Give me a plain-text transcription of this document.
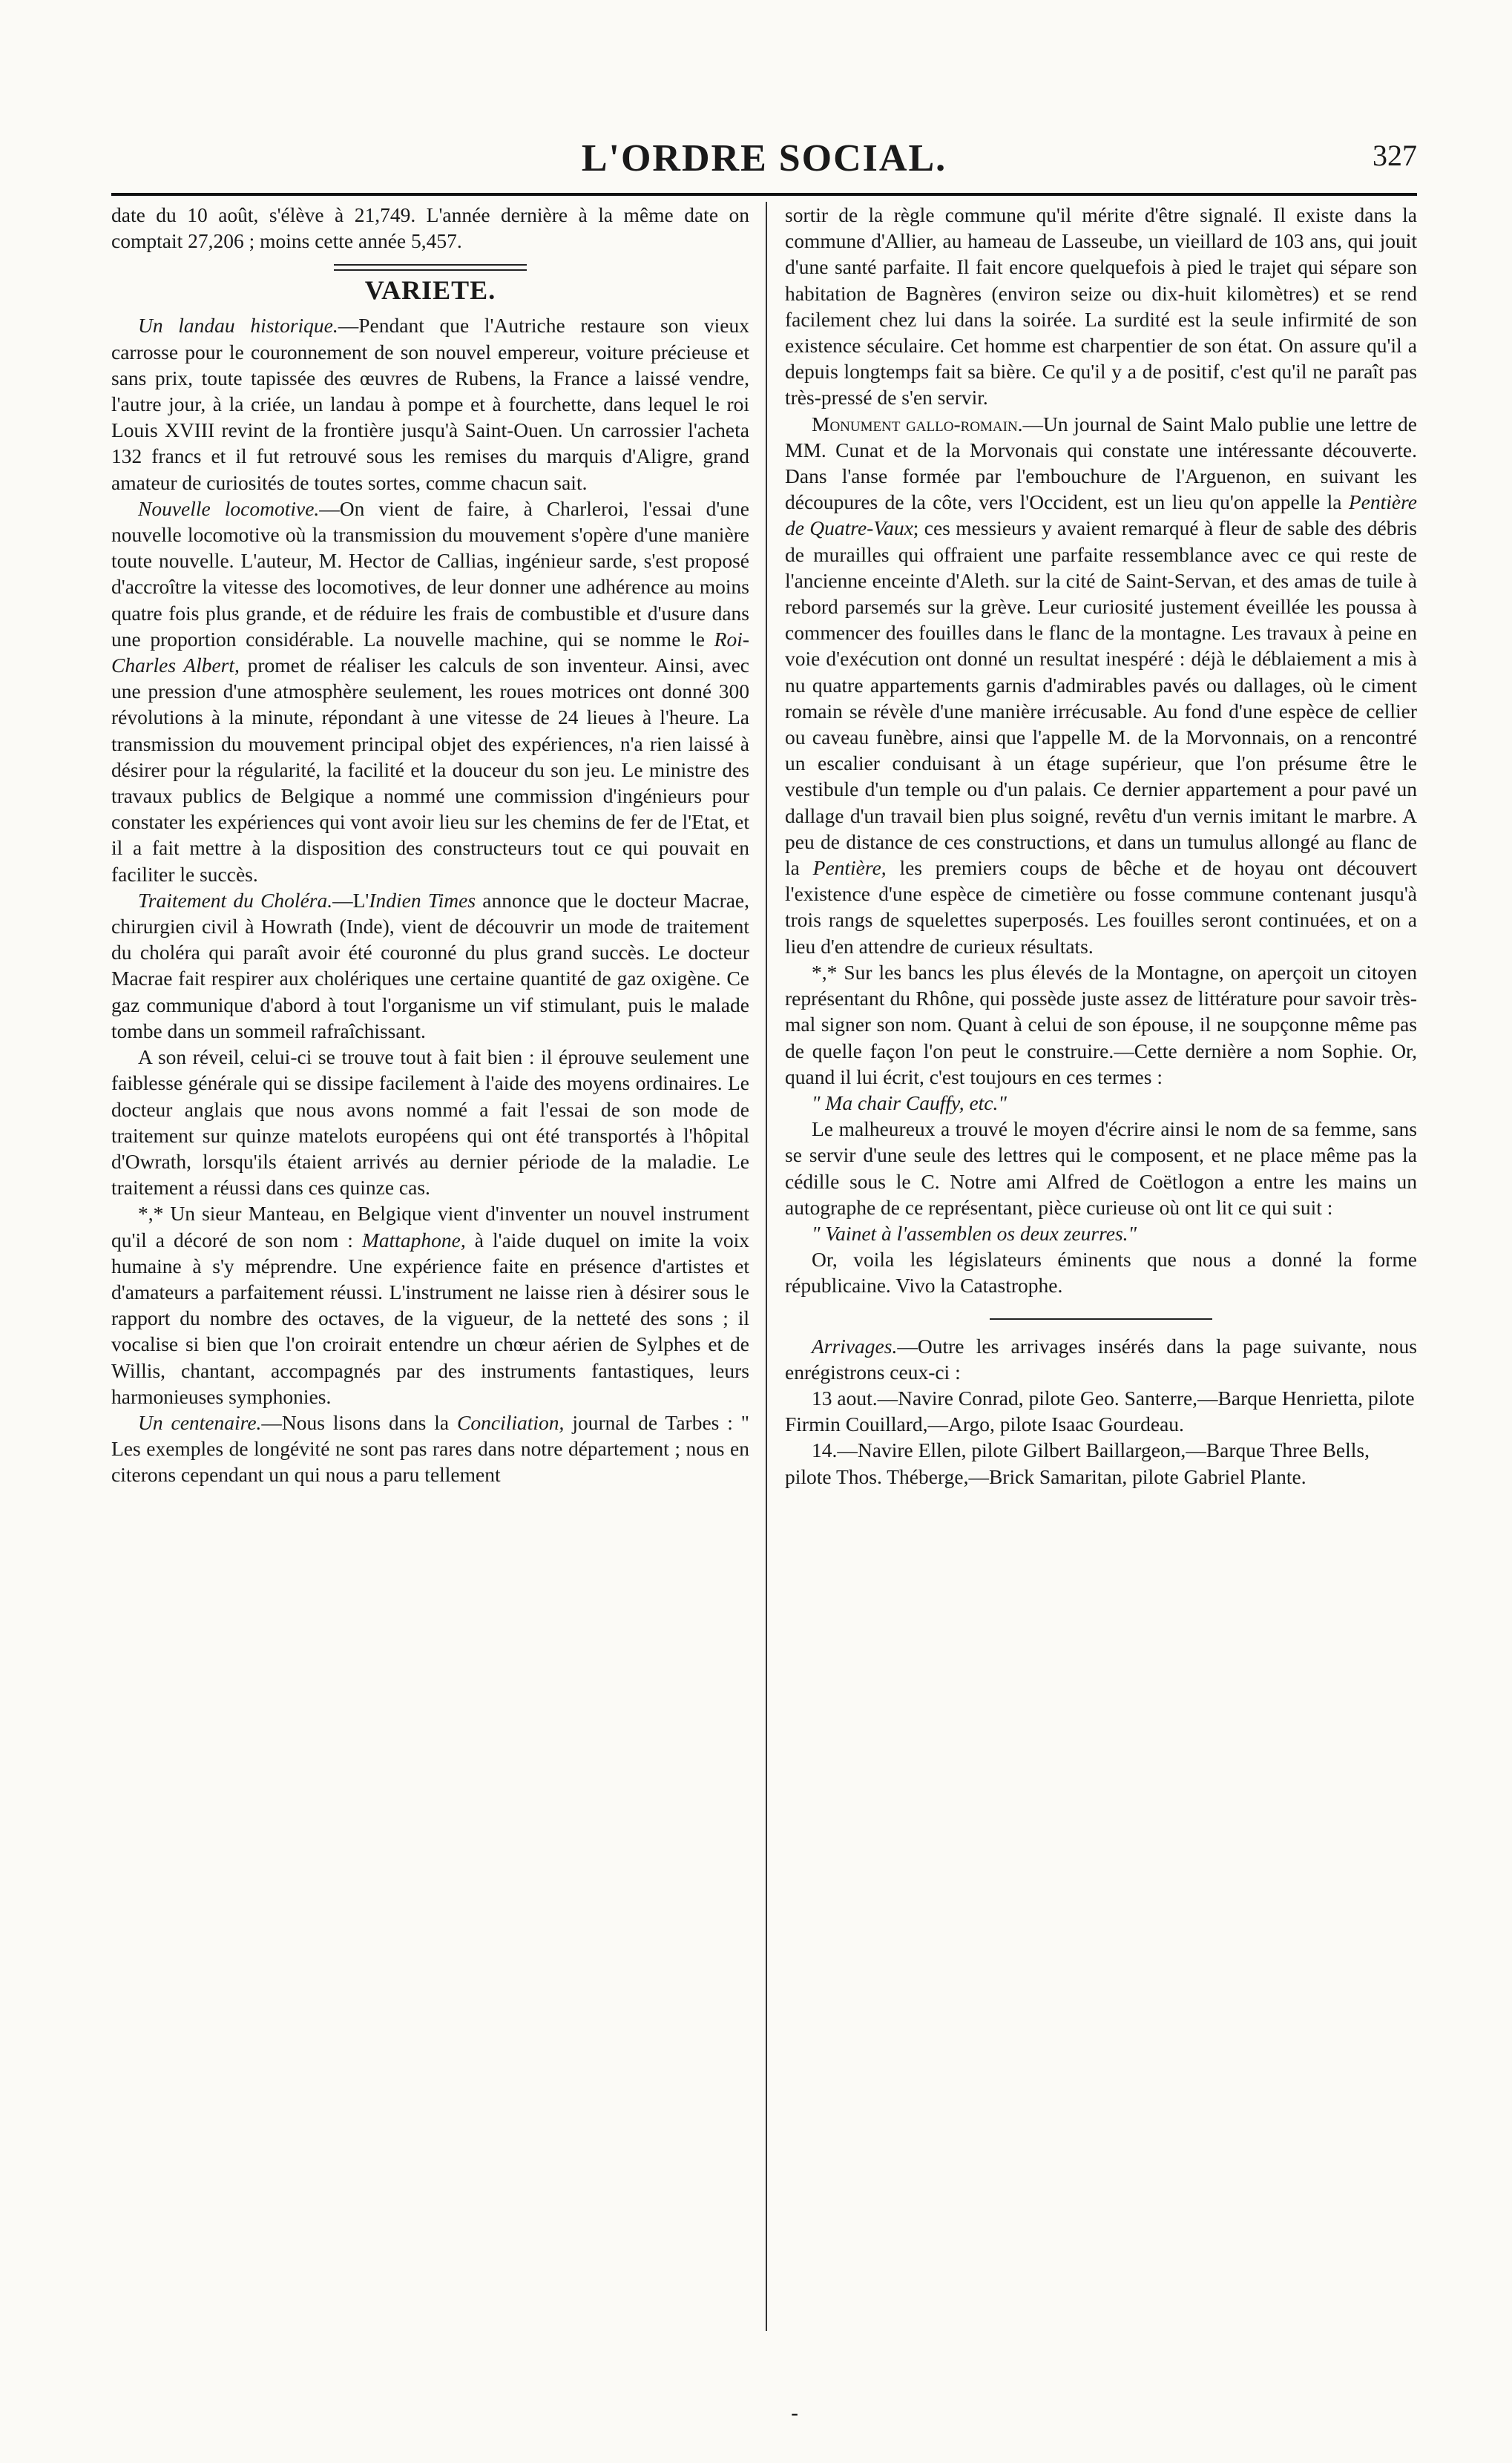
L'ORDRE SOCIAL.	327

date du 10 août, s'élève à 21,749. L'année dernière à la même date on comptait 27,206 ; moins cette année 5,457.

VARIETE.

Un landau historique.—Pendant que l'Autriche restaure son vieux carrosse pour le couronnement de son nouvel empereur, voiture précieuse et sans prix, toute tapissée des œuvres de Rubens, la France a laissé vendre, l'autre jour, à la criée, un landau à pompe et à fourchette, dans lequel le roi Louis XVIII revint de la frontière jusqu'à Saint-Ouen. Un carrossier l'acheta 132 francs et il fut retrouvé sous les remises du marquis d'Aligre, grand amateur de curiosités de toutes sortes, comme chacun sait.

Nouvelle locomotive.—On vient de faire, à Charleroi, l'essai d'une nouvelle locomotive où la transmission du mouvement s'opère d'une manière toute nouvelle. L'auteur, M. Hector de Callias, ingénieur sarde, s'est proposé d'accroître la vitesse des locomotives, de leur donner une adhérence au moins quatre fois plus grande, et de réduire les frais de combustible et d'usure dans une proportion considérable. La nouvelle machine, qui se nomme le Roi-Charles Albert, promet de réaliser les calculs de son inventeur. Ainsi, avec une pression d'une atmosphère seulement, les roues motrices ont donné 300 révolutions à la minute, répondant à une vitesse de 24 lieues à l'heure. La transmission du mouvement principal objet des expériences, n'a rien laissé à désirer pour la régularité, la facilité et la douceur du son jeu. Le ministre des travaux publics de Belgique a nommé une commission d'ingénieurs pour constater les expériences qui vont avoir lieu sur les chemins de fer de l'Etat, et il a fait mettre à la disposition des constructeurs tout ce qui pouvait en faciliter le succès.

Traitement du Choléra.—L'Indien Times annonce que le docteur Macrae, chirurgien civil à Howrath (Inde), vient de découvrir un mode de traitement du choléra qui paraît avoir été couronné du plus grand succès. Le docteur Macrae fait respirer aux cholériques une certaine quantité de gaz oxigène. Ce gaz communique d'abord à tout l'organisme un vif stimulant, puis le malade tombe dans un sommeil rafraîchissant.

A son réveil, celui-ci se trouve tout à fait bien : il éprouve seulement une faiblesse générale qui se dissipe facilement à l'aide des moyens ordinaires. Le docteur anglais que nous avons nommé a fait l'essai de son mode de traitement sur quinze matelots européens qui ont été transportés à l'hôpital d'Owrath, lorsqu'ils étaient arrivés au dernier période de la maladie. Le traitement a réussi dans ces quinze cas.

*,* Un sieur Manteau, en Belgique vient d'inventer un nouvel instrument qu'il a décoré de son nom : Mattaphone, à l'aide duquel on imite la voix humaine à s'y méprendre. Une expérience faite en présence d'artistes et d'amateurs a parfaitement réussi. L'instrument ne laisse rien à désirer sous le rapport du nombre des octaves, de la vigueur, de la netteté des sons ; il vocalise si bien que l'on croirait entendre un chœur aérien de Sylphes et de Willis, chantant, accompagnés par des instruments fantastiques, leurs harmonieuses symphonies.

Un centenaire.—Nous lisons dans la Conciliation, journal de Tarbes : " Les exemples de longévité ne sont pas rares dans notre département ; nous en citerons cependant un qui nous a paru tellement

sortir de la règle commune qu'il mérite d'être signalé. Il existe dans la commune d'Allier, au hameau de Lasseube, un vieillard de 103 ans, qui jouit d'une santé parfaite. Il fait encore quelquefois à pied le trajet qui sépare son habitation de Bagnères (environ seize ou dix-huit kilomètres) et se rend facilement chez lui dans la soirée. La surdité est la seule infirmité de son existence séculaire. Cet homme est charpentier de son état. On assure qu'il a depuis longtemps fait sa bière. Ce qu'il y a de positif, c'est qu'il ne paraît pas très-pressé de s'en servir.

Monument gallo-romain.—Un journal de Saint Malo publie une lettre de MM. Cunat et de la Morvonais qui constate une intéressante découverte. Dans l'anse formée par l'embouchure de l'Arguenon, en suivant les découpures de la côte, vers l'Occident, est un lieu qu'on appelle la Pentière de Quatre-Vaux; ces messieurs y avaient remarqué à fleur de sable des débris de murailles qui offraient une parfaite ressemblance avec ce qui reste de l'ancienne enceinte d'Aleth. sur la cité de Saint-Servan, et des amas de tuile à rebord parsemés sur la grève. Leur curiosité justement éveillée les poussa à commencer des fouilles dans le flanc de la montagne. Les travaux à peine en voie d'exécution ont donné un resultat inespéré : déjà le déblaiement a mis à nu quatre appartements garnis d'admirables pavés ou dallages, où le ciment romain se révèle d'une manière irrécusable. Au fond d'une espèce de cellier ou caveau funèbre, ainsi que l'appelle M. de la Morvonnais, on a rencontré un escalier conduisant à un étage supérieur, que l'on présume être le vestibule d'un temple ou d'un palais. Ce dernier appartement a pour pavé un dallage d'un travail bien plus soigné, revêtu d'un vernis imitant le marbre. A peu de distance de ces constructions, et dans un tumulus allongé au flanc de la Pentière, les premiers coups de bêche et de hoyau ont découvert l'existence d'une espèce de cimetière ou fosse commune contenant jusqu'à trois rangs de squelettes superposés. Les fouilles seront continuées, et on a lieu d'en attendre de curieux résultats.

*,* Sur les bancs les plus élevés de la Montagne, on aperçoit un citoyen représentant du Rhône, qui possède juste assez de littérature pour savoir très-mal signer son nom. Quant à celui de son épouse, il ne soupçonne même pas de quelle façon l'on peut le construire.—Cette dernière a nom Sophie. Or, quand il lui écrit, c'est toujours en ces termes :

" Ma chair Cauffy, etc."

Le malheureux a trouvé le moyen d'écrire ainsi le nom de sa femme, sans se servir d'une seule des lettres qui le composent, et ne place même pas la cédille sous le C. Notre ami Alfred de Coëtlogon a entre les mains un autographe de ce représentant, pièce curieuse où ont lit ce qui suit :

" Vainet à l'assemblen os deux zeurres."

Or, voila les législateurs éminents que nous a donné la forme républicaine. Vivo la Catastrophe.

Arrivages.—Outre les arrivages insérés dans la page suivante, nous enrégistrons ceux-ci :

13 aout.—Navire Conrad, pilote Geo. Santerre,—Barque Henrietta, pilote Firmin Couillard,—Argo, pilote Isaac Gourdeau.

14.—Navire Ellen, pilote Gilbert Baillargeon,—Barque Three Bells, pilote Thos. Théberge,—Brick Samaritan, pilote Gabriel Plante.

-
